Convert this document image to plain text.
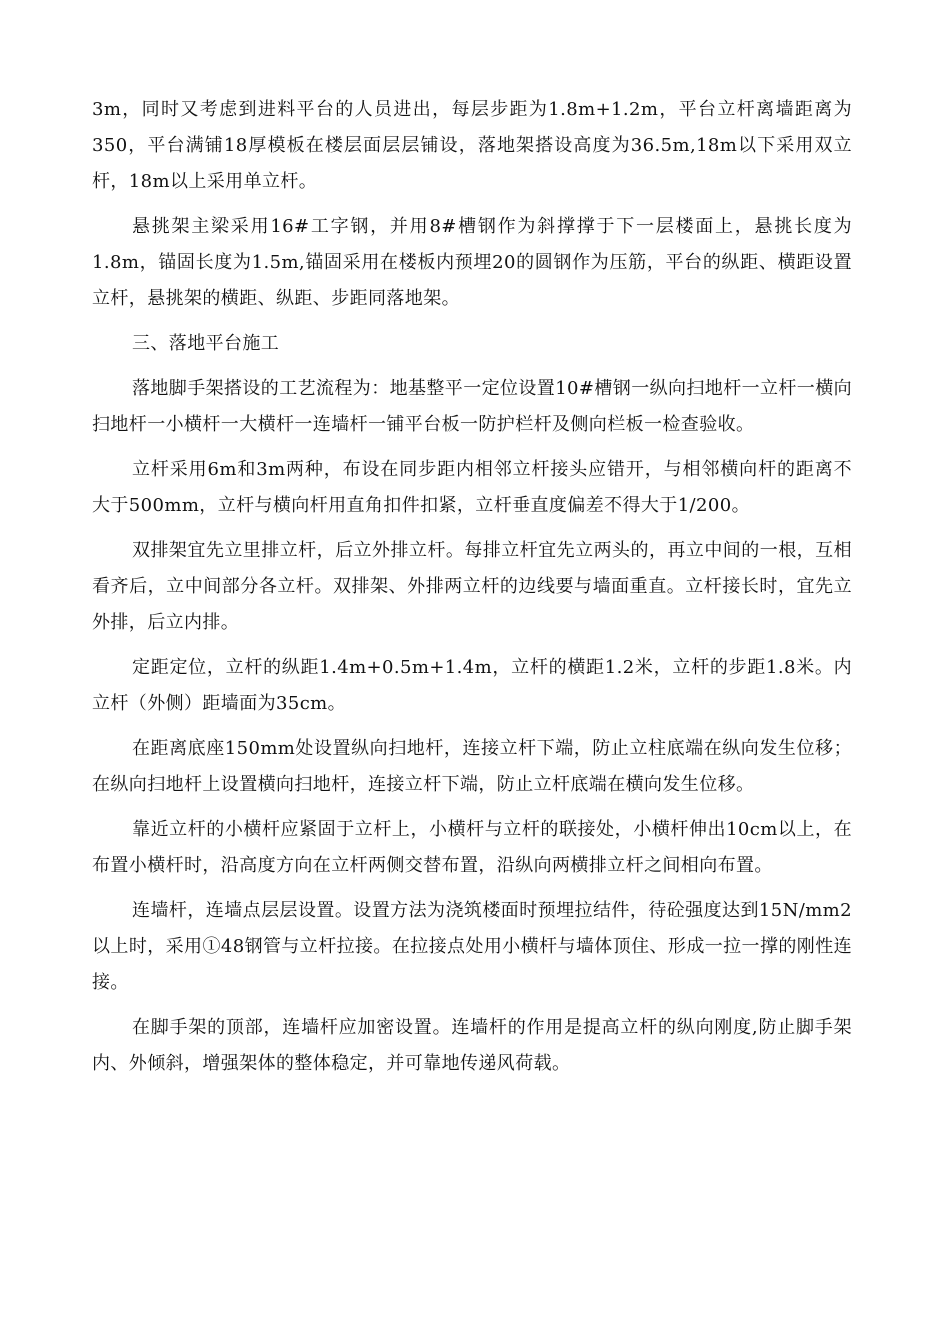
3m，同时又考虑到进料平台的人员进出，每层步距为1.8m+1.2m，平台立杆离墙距离为350，平台满铺18厚模板在楼层面层层铺设，落地架搭设高度为36.5m,18m以下采用双立杆，18m以上采用单立杆。

悬挑架主梁采用16#工字钢，并用8#槽钢作为斜撑撑于下一层楼面上，悬挑长度为1.8m，锚固长度为1.5m,锚固采用在楼板内预埋20的圆钢作为压筋，平台的纵距、横距设置立杆，悬挑架的横距、纵距、步距同落地架。

三、落地平台施工

落地脚手架搭设的工艺流程为：地基整平一定位设置10#槽钢一纵向扫地杆一立杆一横向扫地杆一小横杆一大横杆一连墙杆一铺平台板一防护栏杆及侧向栏板一检查验收。

立杆采用6m和3m两种，布设在同步距内相邻立杆接头应错开，与相邻横向杆的距离不大于500mm，立杆与横向杆用直角扣件扣紧，立杆垂直度偏差不得大于1/200。

双排架宜先立里排立杆，后立外排立杆。每排立杆宜先立两头的，再立中间的一根，互相看齐后，立中间部分各立杆。双排架、外排两立杆的边线要与墙面重直。立杆接长时，宜先立外排，后立内排。

定距定位，立杆的纵距1.4m+0.5m+1.4m，立杆的横距1.2米，立杆的步距1.8米。内立杆（外侧）距墙面为35cm。

在距离底座150mm处设置纵向扫地杆，连接立杆下端，防止立柱底端在纵向发生位移；在纵向扫地杆上设置横向扫地杆，连接立杆下端，防止立杆底端在横向发生位移。

靠近立杆的小横杆应紧固于立杆上，小横杆与立杆的联接处，小横杆伸出10cm以上，在布置小横杆时，沿高度方向在立杆两侧交替布置，沿纵向两横排立杆之间相向布置。

连墙杆，连墙点层层设置。设置方法为浇筑楼面时预埋拉结件，待砼强度达到15N/mm2以上时，采用①48钢管与立杆拉接。在拉接点处用小横杆与墙体顶住、形成一拉一撑的刚性连接。

在脚手架的顶部，连墙杆应加密设置。连墙杆的作用是提高立杆的纵向刚度,防止脚手架内、外倾斜，增强架体的整体稳定，并可靠地传递风荷载。
